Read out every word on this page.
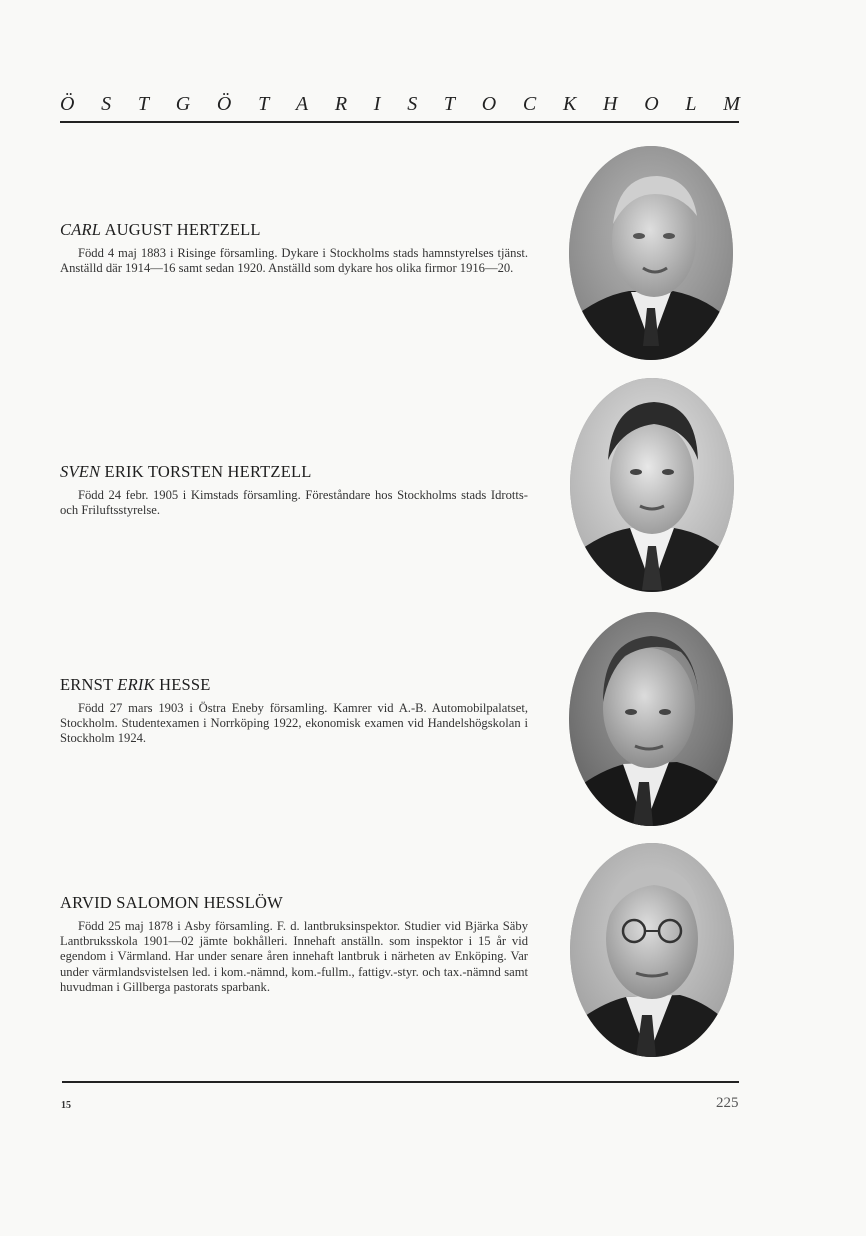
Ö S T G Ö T A R I S T O C K H O L M

CARL AUGUST HERTZELL

Född 4 maj 1883 i Risinge församling. Dykare i Stockholms stads hamnstyrelses tjänst. Anställd där 1914—16 samt sedan 1920. Anställd som dykare hos olika firmor 1916—20.

SVEN ERIK TORSTEN HERTZELL

Född 24 febr. 1905 i Kimstads församling. Föreståndare hos Stockholms stads Idrotts- och Friluftsstyrelse.

ERNST ERIK HESSE

Född 27 mars 1903 i Östra Eneby församling. Kamrer vid A.-B. Automobilpalatset, Stockholm. Studentexamen i Norrköping 1922, ekonomisk examen vid Handelshögskolan i Stockholm 1924.

ARVID SALOMON HESSLÖW

Född 25 maj 1878 i Asby församling. F. d. lantbruksinspektor. Studier vid Bjärka Säby Lantbruksskola 1901—02 jämte bokhålleri. Innehaft anställn. som inspektor i 15 år vid egendom i Värmland. Har under senare åren innehaft lantbruk i närheten av Enköping. Var under värmlandsvistelsen led. i kom.-nämnd, kom.-fullm., fattigv.-styr. och tax.-nämnd samt huvudman i Gillberga pastorats sparbank.

15	225
